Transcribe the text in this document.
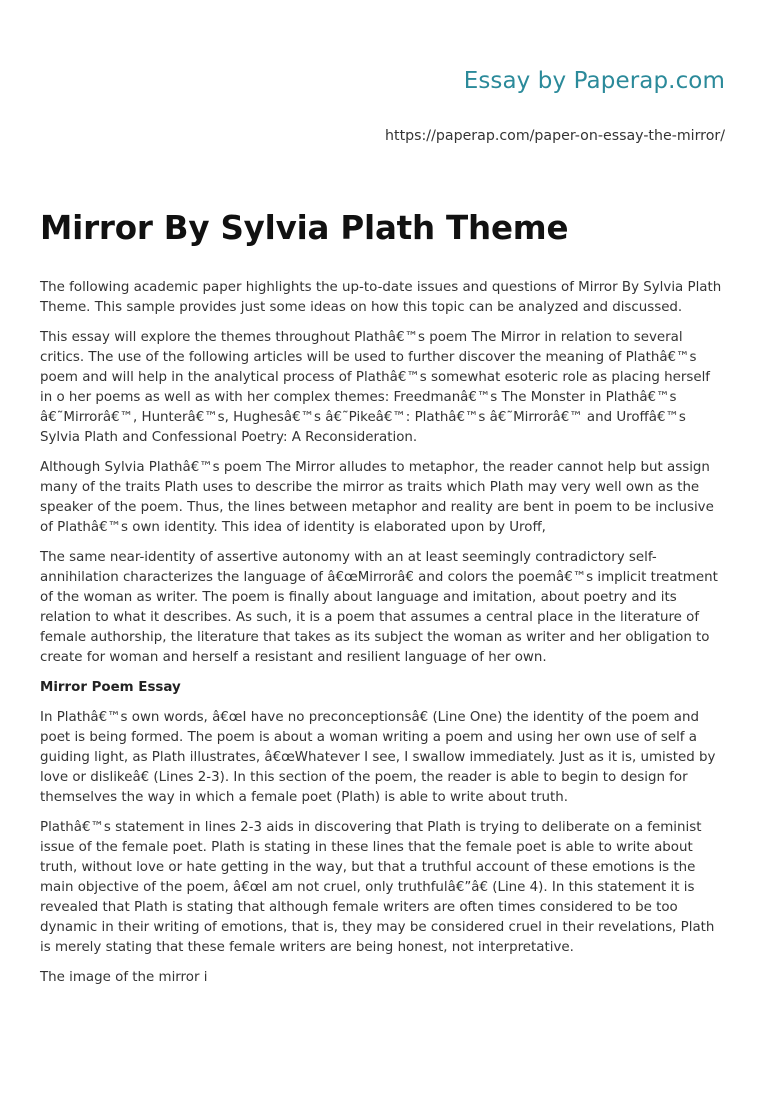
Essay by Paperap.com
https://paperap.com/paper-on-essay-the-mirror/
Mirror By Sylvia Plath Theme

The following academic paper highlights the up-to-date issues and questions of Mirror By Sylvia Plath Theme. This sample provides just some ideas on how this topic can be analyzed and discussed.

This essay will explore the themes throughout Plathâ€™s poem The Mirror in relation to several critics. The use of the following articles will be used to further discover the meaning of Plathâ€™s poem and will help in the analytical process of Plathâ€™s somewhat esoteric role as placing herself in o her poems as well as with her complex themes: Freedmanâ€™s The Monster in Plathâ€™s â€˜Mirrorâ€™, Hunterâ€™s, Hughesâ€™s â€˜Pikeâ€™: Plathâ€™s â€˜Mirrorâ€™ and Uroffâ€™s Sylvia Plath and Confessional Poetry: A Reconsideration.

Although Sylvia Plathâ€™s poem The Mirror alludes to metaphor, the reader cannot help but assign many of the traits Plath uses to describe the mirror as traits which Plath may very well own as the speaker of the poem. Thus, the lines between metaphor and reality are bent in poem to be inclusive of Plathâ€™s own identity. This idea of identity is elaborated upon by Uroff,

The same near-identity of assertive autonomy with an at least seemingly contradictory self-annihilation characterizes the language of â€œMirrorâ€ and colors the poemâ€™s implicit treatment of the woman as writer. The poem is finally about language and imitation, about poetry and its relation to what it describes. As such, it is a poem that assumes a central place in the literature of female authorship, the literature that takes as its subject the woman as writer and her obligation to create for woman and herself a resistant and resilient language of her own.

Mirror Poem Essay

In Plathâ€™s own words, â€œI have no preconceptionsâ€ (Line One) the identity of the poem and poet is being formed. The poem is about a woman writing a poem and using her own use of self a guiding light, as Plath illustrates, â€œWhatever I see, I swallow immediately. Just as it is, umisted by love or dislikeâ€ (Lines 2-3). In this section of the poem, the reader is able to begin to design for themselves the way in which a female poet (Plath) is able to write about truth.

Plathâ€™s statement in lines 2-3 aids in discovering that Plath is trying to deliberate on a feminist issue of the female poet. Plath is stating in these lines that the female poet is able to write about truth, without love or hate getting in the way, but that a truthful account of these emotions is the main objective of the poem, â€œI am not cruel, only truthfulâ€”â€ (Line 4). In this statement it is revealed that Plath is stating that although female writers are often times considered to be too dynamic in their writing of emotions, that is, they may be considered cruel in their revelations, Plath is merely stating that these female writers are being honest, not interpretative.

The image of the mirror i
